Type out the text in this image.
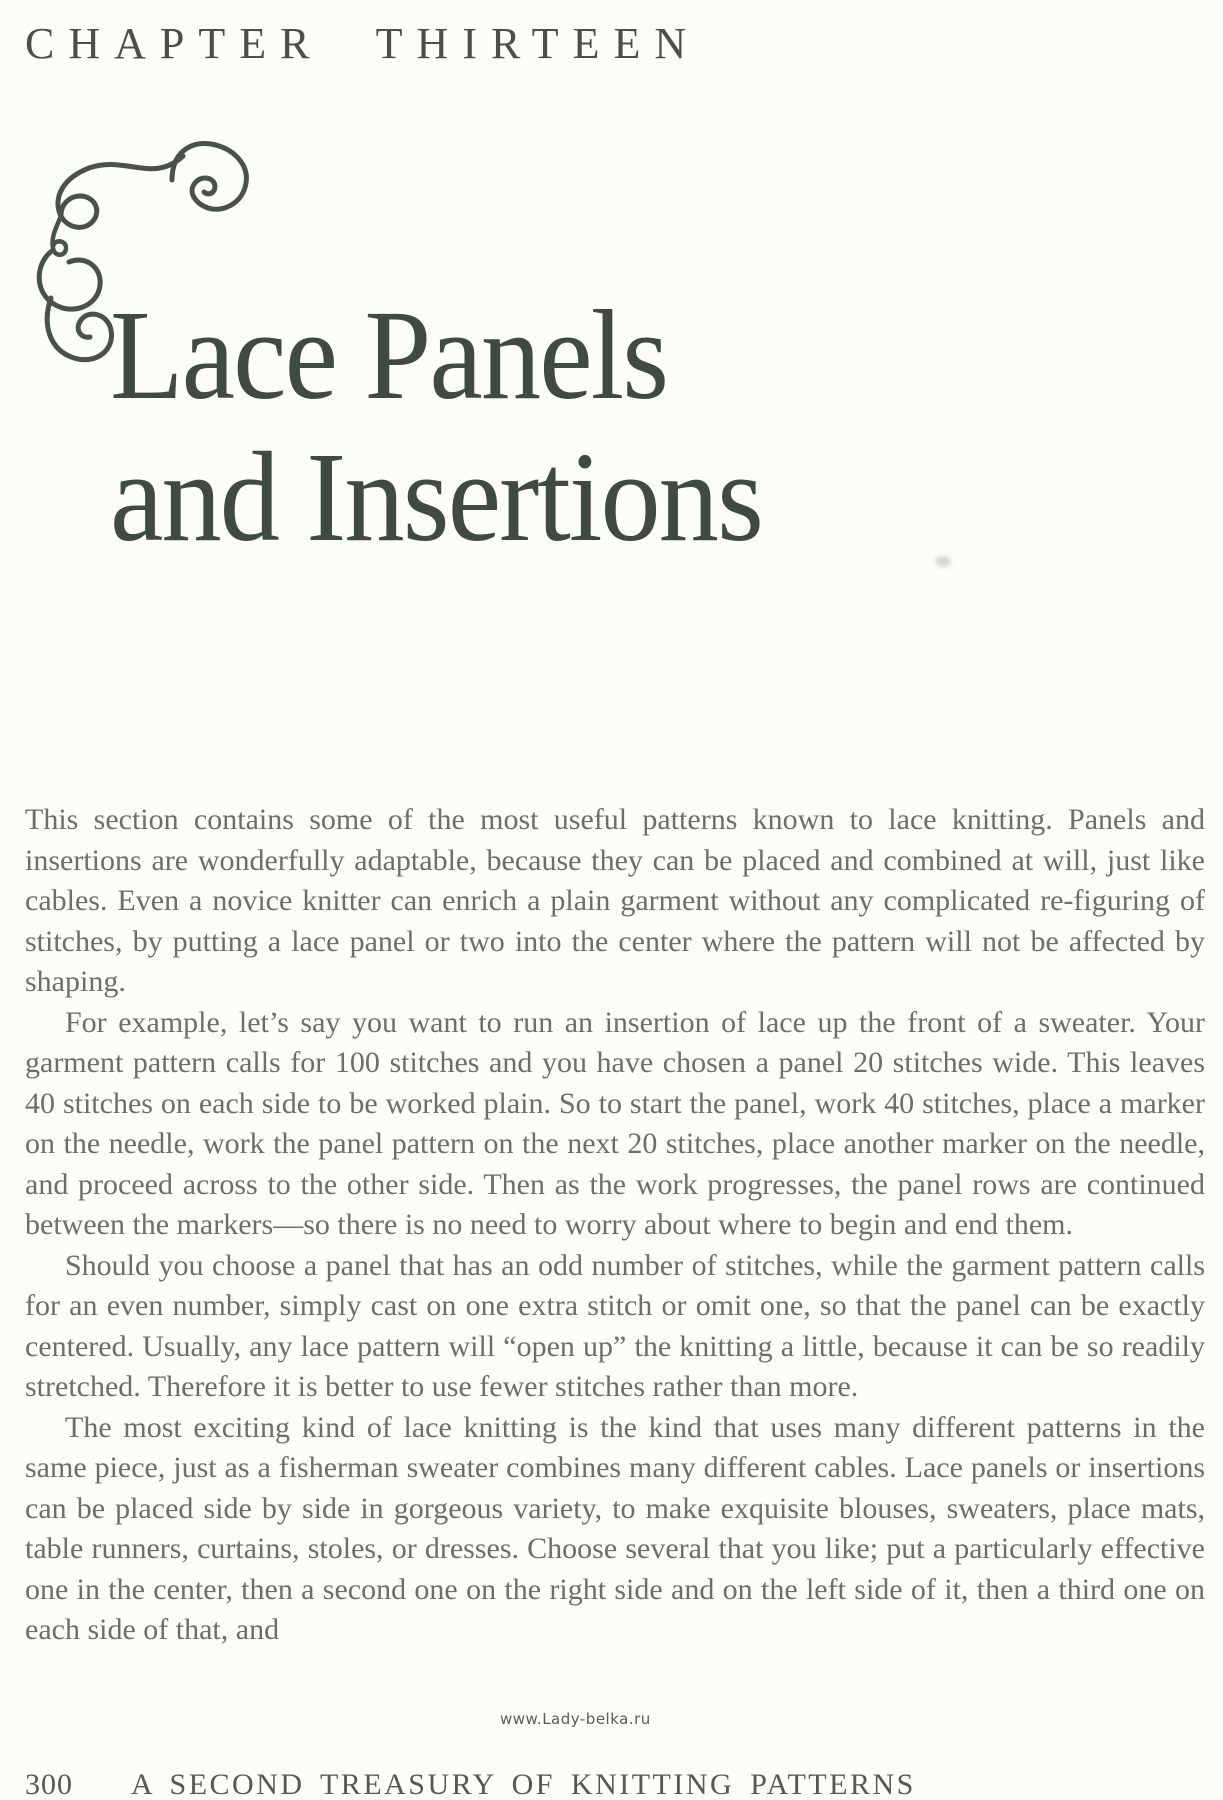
CHAPTER THIRTEEN
Lace Panels
and Insertions

This section contains some of the most useful patterns known to lace knitting. Panels and insertions are wonderfully adaptable, because they can be placed and combined at will, just like cables. Even a novice knitter can enrich a plain garment without any complicated re-figuring of stitches, by putting a lace panel or two into the center where the pattern will not be affected by shaping.

For example, let’s say you want to run an insertion of lace up the front of a sweater. Your garment pattern calls for 100 stitches and you have chosen a panel 20 stitches wide. This leaves 40 stitches on each side to be worked plain. So to start the panel, work 40 stitches, place a marker on the needle, work the panel pattern on the next 20 stitches, place another marker on the needle, and proceed across to the other side. Then as the work progresses, the panel rows are continued between the markers—so there is no need to worry about where to begin and end them.

Should you choose a panel that has an odd number of stitches, while the garment pattern calls for an even number, simply cast on one extra stitch or omit one, so that the panel can be exactly centered. Usually, any lace pattern will “open up” the knitting a little, because it can be so readily stretched. Therefore it is better to use fewer stitches rather than more.

The most exciting kind of lace knitting is the kind that uses many different patterns in the same piece, just as a fisherman sweater combines many different cables. Lace panels or insertions can be placed side by side in gorgeous variety, to make exquisite blouses, sweaters, place mats, table runners, curtains, stoles, or dresses. Choose several that you like; put a particularly effective one in the center, then a second one on the right side and on the left side of it, then a third one on each side of that, and

www.Lady-belka.ru
300 A SECOND TREASURY OF KNITTING PATTERNS
